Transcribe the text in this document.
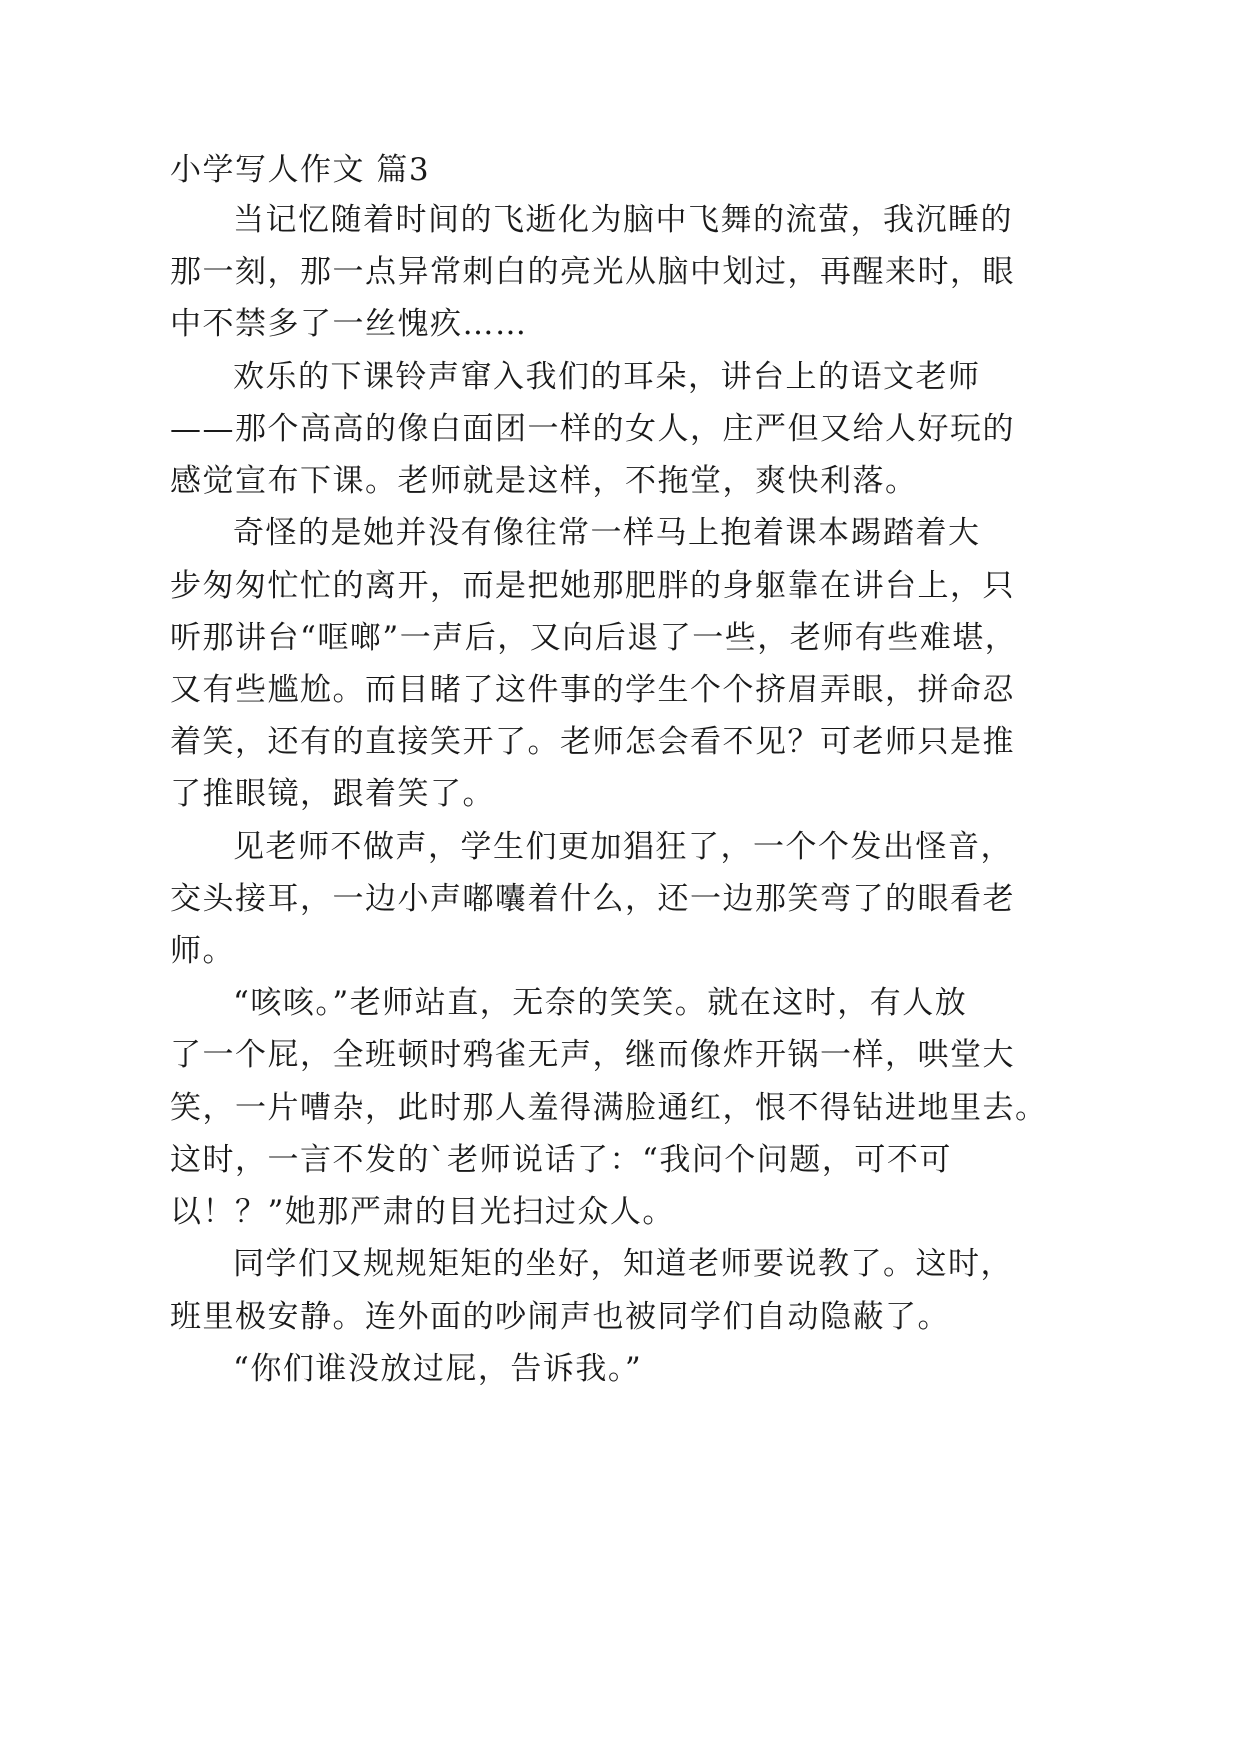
小学写人作文 篇3
当记忆随着时间的飞逝化为脑中飞舞的流萤，我沉睡的
那一刻，那一点异常刺白的亮光从脑中划过，再醒来时，眼
中不禁多了一丝愧疚……
欢乐的下课铃声窜入我们的耳朵，讲台上的语文老师
——那个高高的像白面团一样的女人，庄严但又给人好玩的
感觉宣布下课。老师就是这样，不拖堂，爽快利落。
奇怪的是她并没有像往常一样马上抱着课本踢踏着大
步匆匆忙忙的离开，而是把她那肥胖的身躯靠在讲台上，只
听那讲台“哐啷”一声后，又向后退了一些，老师有些难堪，
又有些尴尬。而目睹了这件事的学生个个挤眉弄眼，拼命忍
着笑，还有的直接笑开了。老师怎会看不见？可老师只是推
了推眼镜，跟着笑了。
见老师不做声，学生们更加猖狂了，一个个发出怪音，
交头接耳，一边小声嘟囔着什么，还一边那笑弯了的眼看老
师。
“咳咳。”老师站直，无奈的笑笑。就在这时，有人放
了一个屁，全班顿时鸦雀无声，继而像炸开锅一样，哄堂大
笑，一片嘈杂，此时那人羞得满脸通红，恨不得钻进地里去。
这时，一言不发的`老师说话了：“我问个问题，可不可
以！？”她那严肃的目光扫过众人。
同学们又规规矩矩的坐好，知道老师要说教了。这时，
班里极安静。连外面的吵闹声也被同学们自动隐蔽了。
“你们谁没放过屁，告诉我。”
